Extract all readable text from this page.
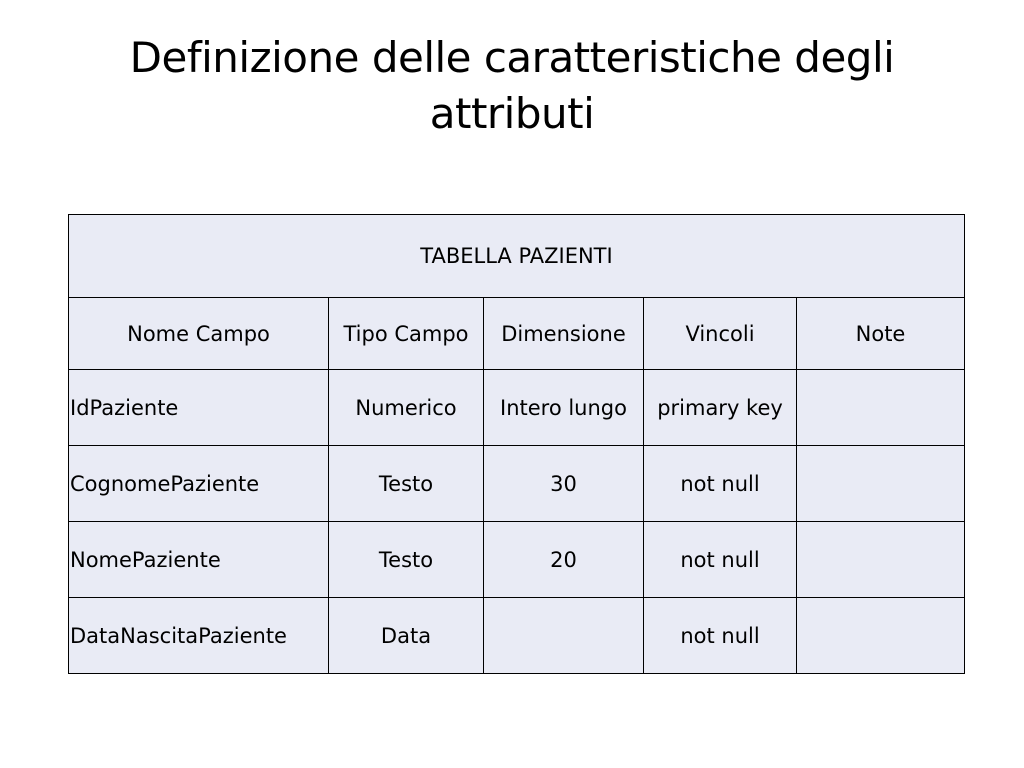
Definizione delle caratteristiche degli attributi
TABELLA PAZIENTI				
Nome Campo	Tipo Campo	Dimensione	Vincoli	Note
IdPaziente	Numerico	Intero lungo	primary key	
CognomePaziente	Testo	30	not null	
NomePaziente	Testo	20	not null	
DataNascitaPaziente	Data		not null	
